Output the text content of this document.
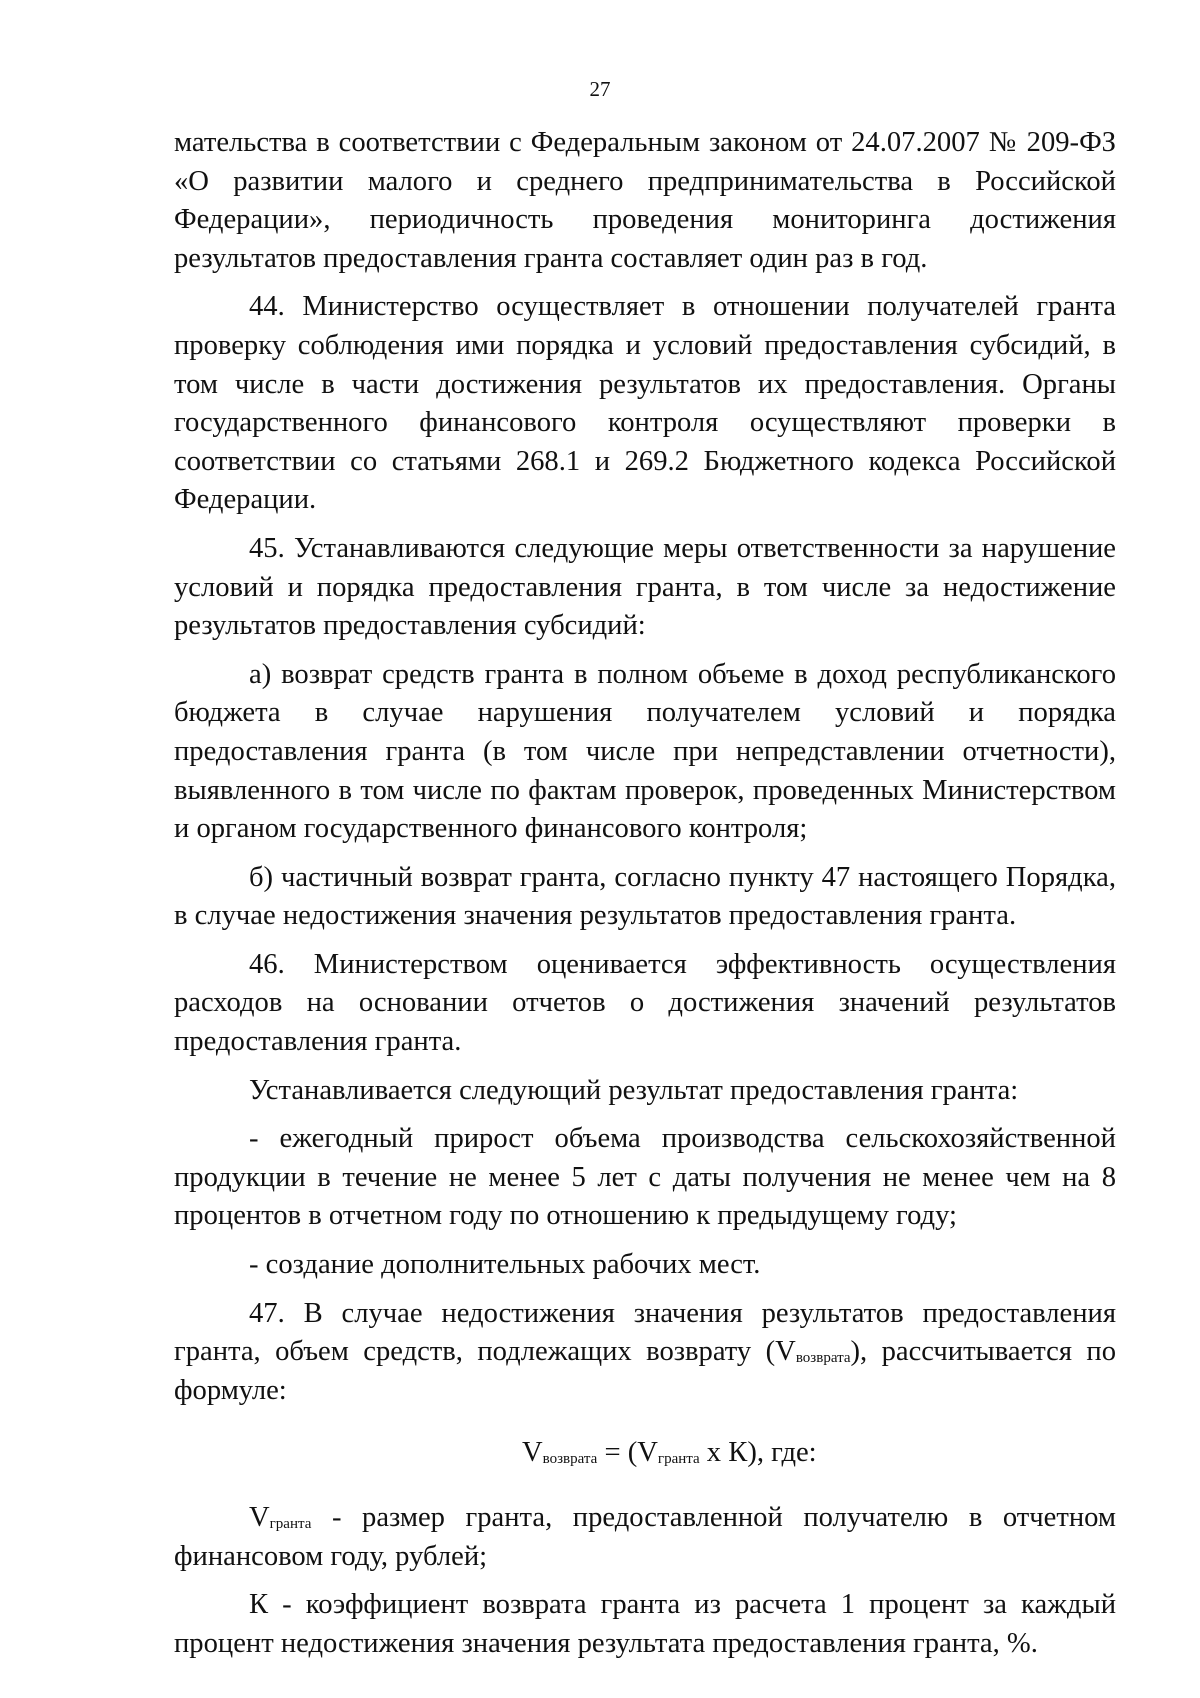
27

мательства в соответствии с Федеральным законом от 24.07.2007 № 209-ФЗ «О развитии малого и среднего предпринимательства в Российской Федерации», периодичность проведения мониторинга достижения результатов предоставления гранта составляет один раз в год.

44. Министерство осуществляет в отношении получателей гранта проверку соблюдения ими порядка и условий предоставления субсидий, в том числе в части достижения результатов их предоставления. Органы государственного финансового контроля осуществляют проверки в соответствии со статьями 268.1 и 269.2 Бюджетного кодекса Российской Федерации.

45. Устанавливаются следующие меры ответственности за нарушение условий и порядка предоставления гранта, в том числе за недостижение результатов предоставления субсидий:

а) возврат средств гранта в полном объеме в доход республиканского бюджета в случае нарушения получателем условий и порядка предоставления гранта (в том числе при непредставлении отчетности), выявленного в том числе по фактам проверок, проведенных Министерством и органом государственного финансового контроля;

б) частичный возврат гранта, согласно пункту 47 настоящего Порядка, в случае недостижения значения результатов предоставления гранта.

46. Министерством оценивается эффективность осуществления расходов на основании отчетов о достижения значений результатов предоставления гранта.

Устанавливается следующий результат предоставления гранта:

- ежегодный прирост объема производства сельскохозяйственной продукции в течение не менее 5 лет с даты получения не менее чем на 8 процентов в отчетном году по отношению к предыдущему году;

- создание дополнительных рабочих мест.

47. В случае недостижения значения результатов предоставления гранта, объем средств, подлежащих возврату $(V_{возврата})$, рассчитывается по формуле:

$V_{возврата} = (V_{гранта}$ х К), где:

$V_{гранта}$ - размер гранта, предоставленной получателю в отчетном финансовом году, рублей;

К - коэффициент возврата гранта из расчета 1 процент за каждый процент недостижения значения результата предоставления гранта, %.
